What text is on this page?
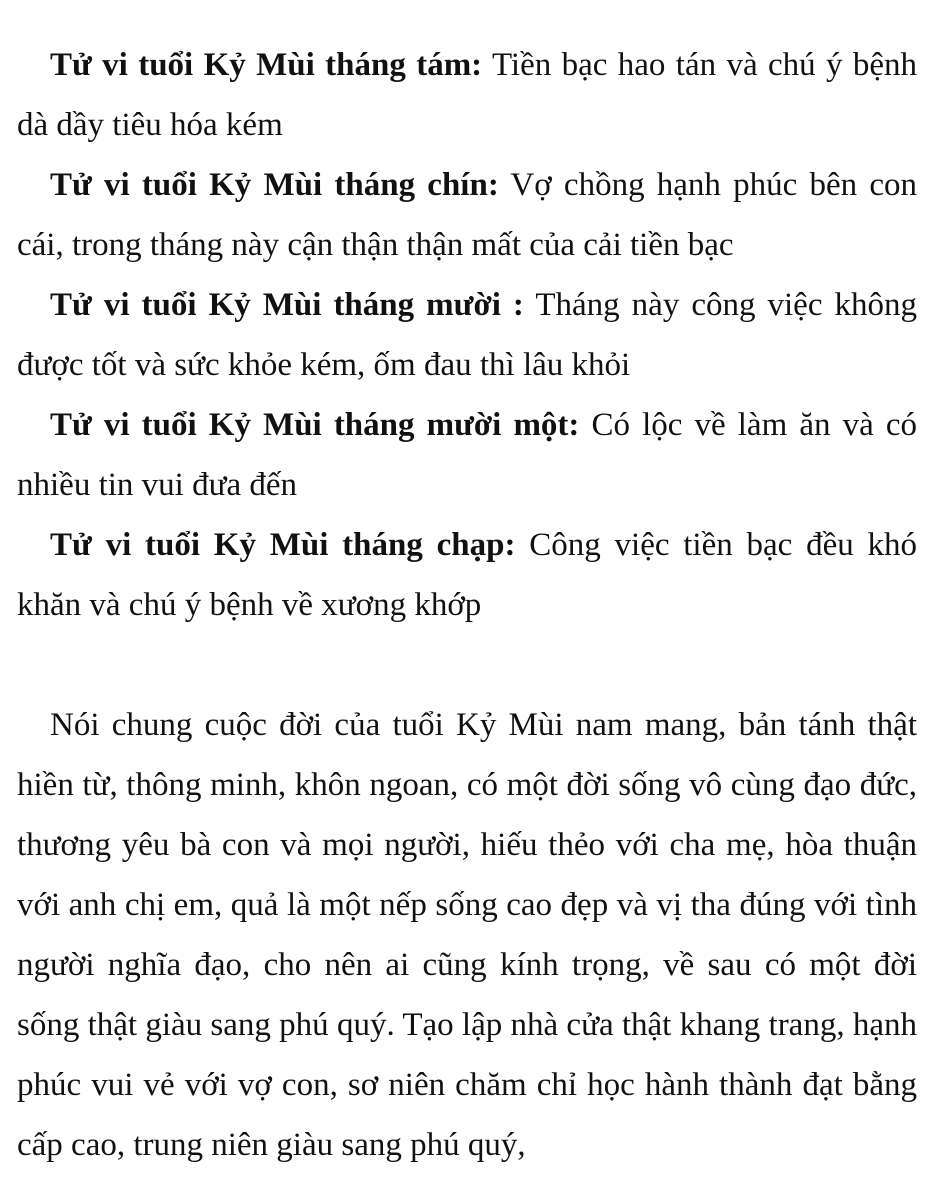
Tử vi tuổi Kỷ Mùi tháng tám: Tiền bạc hao tán và chú ý bệnh dà dầy tiêu hóa kém

Tử vi tuổi Kỷ Mùi tháng chín: Vợ chồng hạnh phúc bên con cái, trong tháng này cận thận thận mất của cải tiền bạc

Tử vi tuổi Kỷ Mùi tháng mười : Tháng này công việc không được tốt và sức khỏe kém, ốm đau thì lâu khỏi

Tử vi tuổi Kỷ Mùi tháng mười một: Có lộc về làm ăn và có nhiều tin vui đưa đến

Tử vi tuổi Kỷ Mùi tháng chạp: Công việc tiền bạc đều khó khăn và chú ý bệnh về xương khớp

Nói chung cuộc đời của tuổi Kỷ Mùi nam mang, bản tánh thật hiền từ, thông minh, khôn ngoan, có một đời sống vô cùng đạo đức, thương yêu bà con và mọi người, hiếu thẻo với cha mẹ, hòa thuận với anh chị em, quả là một nếp sống cao đẹp và vị tha đúng với tình người nghĩa đạo, cho nên ai cũng kính trọng, về sau có một đời sống thật giàu sang phú quý. Tạo lập nhà cửa thật khang trang, hạnh phúc vui vẻ với vợ con, sơ niên chăm chỉ học hành thành đạt bằng cấp cao, trung niên giàu sang phú quý,
